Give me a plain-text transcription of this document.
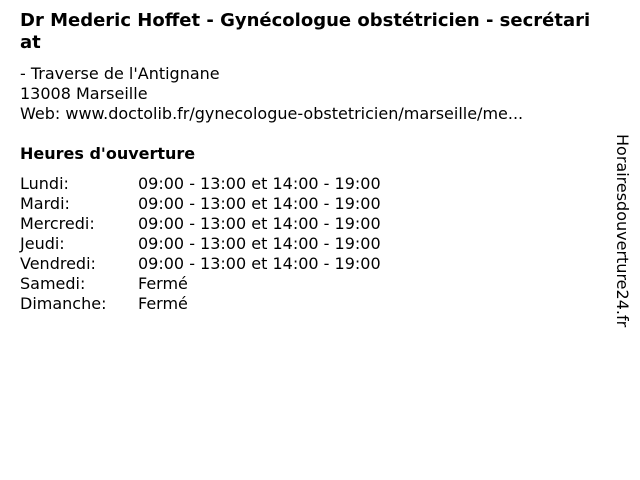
Dr Mederic Hoffet - Gynécologue obstétricien - secrétariat
- Traverse de l'Antignane
13008 Marseille
Web: www.doctolib.fr/gynecologue-obstetricien/marseille/me...
Heures d'ouverture
Lundi:	09:00 - 13:00 et 14:00 - 19:00
Mardi:	09:00 - 13:00 et 14:00 - 19:00
Mercredi:	09:00 - 13:00 et 14:00 - 19:00
Jeudi:	09:00 - 13:00 et 14:00 - 19:00
Vendredi:	09:00 - 13:00 et 14:00 - 19:00
Samedi:	Fermé
Dimanche: Fermé	Horairesdouverture24.fr
